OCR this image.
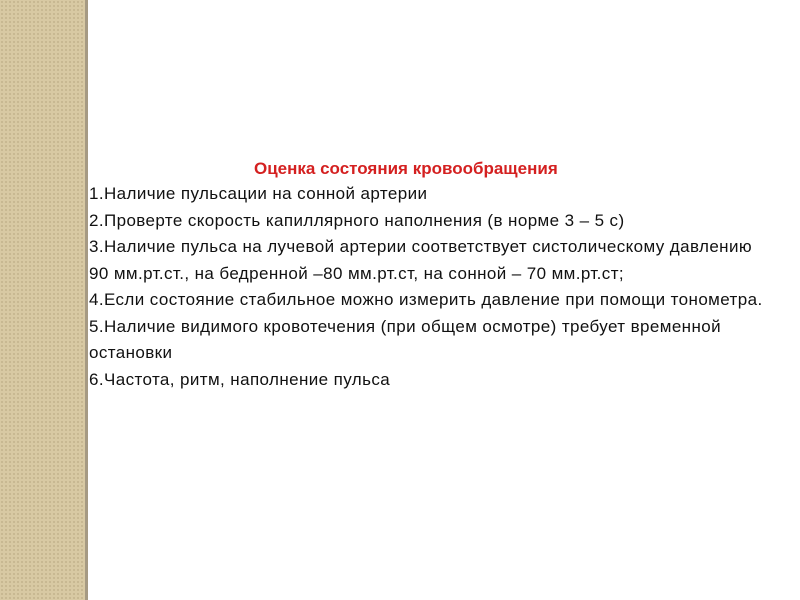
Оценка состояния кровообращения
1.Наличие пульсации на сонной артерии
2.Проверте скорость капиллярного наполнения (в норме 3 – 5 с)
3.Наличие пульса на лучевой артерии соответствует систолическому давлению 90 мм.рт.ст., на бедренной –80 мм.рт.ст, на сонной – 70 мм.рт.ст;
4.Если состояние стабильное можно измерить давление при помощи тонометра.
5.Наличие видимого кровотечения (при общем осмотре) требует временной остановки
6.Частота, ритм, наполнение пульса
